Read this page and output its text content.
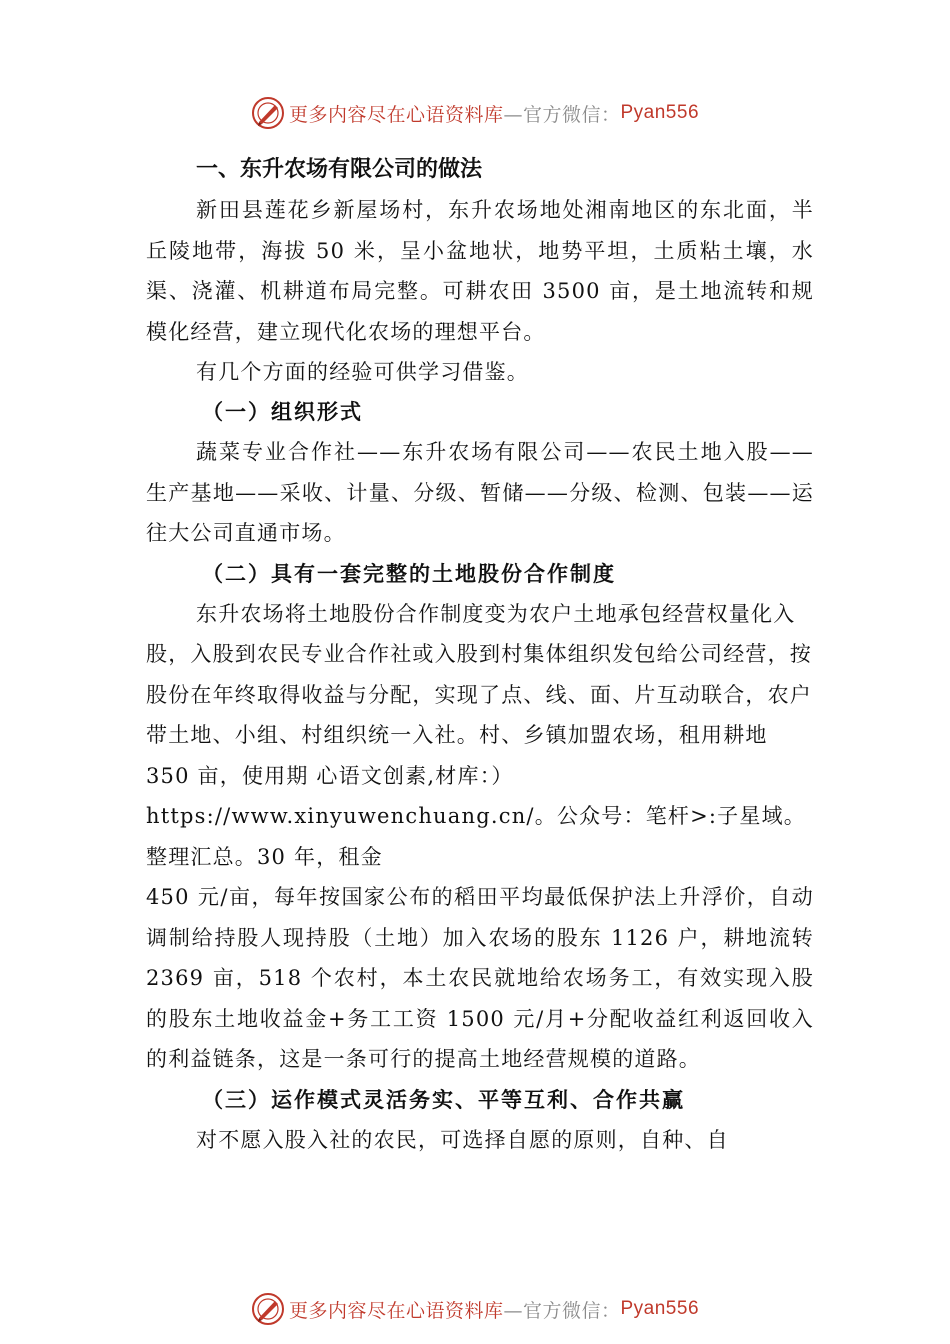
更多内容尽在心语资料库 —官方微信： Pyan556
一、东升农场有限公司的做法

新田县莲花乡新屋场村，东升农场地处湘南地区的东北面，半丘陵地带，海拔 50 米，呈小盆地状，地势平坦，土质粘土壤，水渠、浇灌、机耕道布局完整。可耕农田 3500 亩，是土地流转和规模化经营，建立现代化农场的理想平台。

有几个方面的经验可供学习借鉴。
（一）组织形式

蔬菜专业合作社——东升农场有限公司——农民土地入股——生产基地——采收、计量、分级、暂储——分级、检测、包装——运往大公司直通市场。

（二）具有一套完整的土地股份合作制度

东升农场将土地股份合作制度变为农户土地承包经营权量化入股，入股到农民专业合作社或入股到村集体组织发包给公司经营，按股份在年终取得收益与分配，实现了点、线、面、片互动联合，农户带土地、小组、村组织统一入社。村、乡镇加盟农场，租用耕地 350 亩，使用期 心语文创素,材库：）https://www.xinyuwenchuang.cn/。公众号：笔杆>:子星域。整理汇总。30 年，租金

450 元/亩，每年按国家公布的稻田平均最低保护法上升浮价，自动调制给持股人现持股（土地）加入农场的股东 1126 户，耕地流转 2369 亩，518 个农村，本土农民就地给农场务工，有效实现入股的股东土地收益金+务工工资 1500 元/月+分配收益红利返回收入的利益链条，这是一条可行的提高土地经营规模的道路。

（三）运作模式灵活务实、平等互利、合作共赢

对不愿入股入社的农民，可选择自愿的原则，自种、自

更多内容尽在心语资料库 —官方微信： Pyan556
